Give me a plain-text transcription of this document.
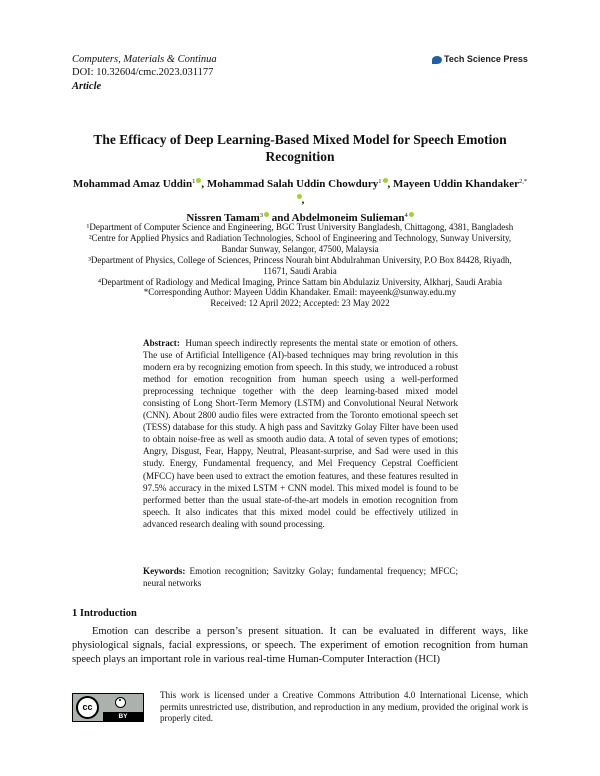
Computers, Materials & Continua
DOI: 10.32604/cmc.2023.031177
Article
Tech Science Press
The Efficacy of Deep Learning-Based Mixed Model for Speech Emotion
Recognition
Mohammad Amaz Uddin$^1$ , Mohammad Salah Uddin Chowdury$^1$ , Mayeen Uddin Khandaker$^{2,*}$,
Nissren Tamam$^3$ and Abdelmoneim Sulieman$^4$
¹Department of Computer Science and Engineering, BGC Trust University Bangladesh, Chittagong, 4381, Bangladesh
²Centre for Applied Physics and Radiation Technologies, School of Engineering and Technology, Sunway University,
Bandar Sunway, Selangor, 47500, Malaysia
³Department of Physics, College of Sciences, Princess Nourah bint Abdulrahman University, P.O Box 84428, Riyadh,
11671, Saudi Arabia
⁴Department of Radiology and Medical Imaging, Prince Sattam bin Abdulaziz University, Alkharj, Saudi Arabia
*Corresponding Author: Mayeen Uddin Khandaker. Email: mayeenk@sunway.edu.my
Received: 12 April 2022; Accepted: 23 May 2022
Abstract: Human speech indirectly represents the mental state or emotion of others. The use of Artificial Intelligence (AI)-based techniques may bring revolution in this modern era by recognizing emotion from speech. In this study, we introduced a robust method for emotion recognition from human speech using a well-performed preprocessing technique together with the deep learning-based mixed model consisting of Long Short-Term Memory (LSTM) and Convolutional Neural Network (CNN). About 2800 audio files were extracted from the Toronto emotional speech set (TESS) database for this study. A high pass and Savitzky Golay Filter have been used to obtain noise-free as well as smooth audio data. A total of seven types of emotions; Angry, Disgust, Fear, Happy, Neutral, Pleasant-surprise, and Sad were used in this study. Energy, Fundamental frequency, and Mel Frequency Cepstral Coefficient (MFCC) have been used to extract the emotion features, and these features resulted in 97.5% accuracy in the mixed LSTM + CNN model. This mixed model is found to be performed better than the usual state-of-the-art models in emotion recognition from speech. It also indicates that this mixed model could be effectively utilized in advanced research dealing with sound processing.
Keywords: Emotion recognition; Savitzky Golay; fundamental frequency; MFCC; neural networks
1 Introduction
Emotion can describe a person’s present situation. It can be evaluated in different ways, like physiological signals, facial expressions, or speech. The experiment of emotion recognition from human speech plays an important role in various real-time Human-Computer Interaction (HCI)
cc
BY
This work is licensed under a Creative Commons Attribution 4.0 International License, which permits unrestricted use, distribution, and reproduction in any medium, provided the original work is properly cited.
